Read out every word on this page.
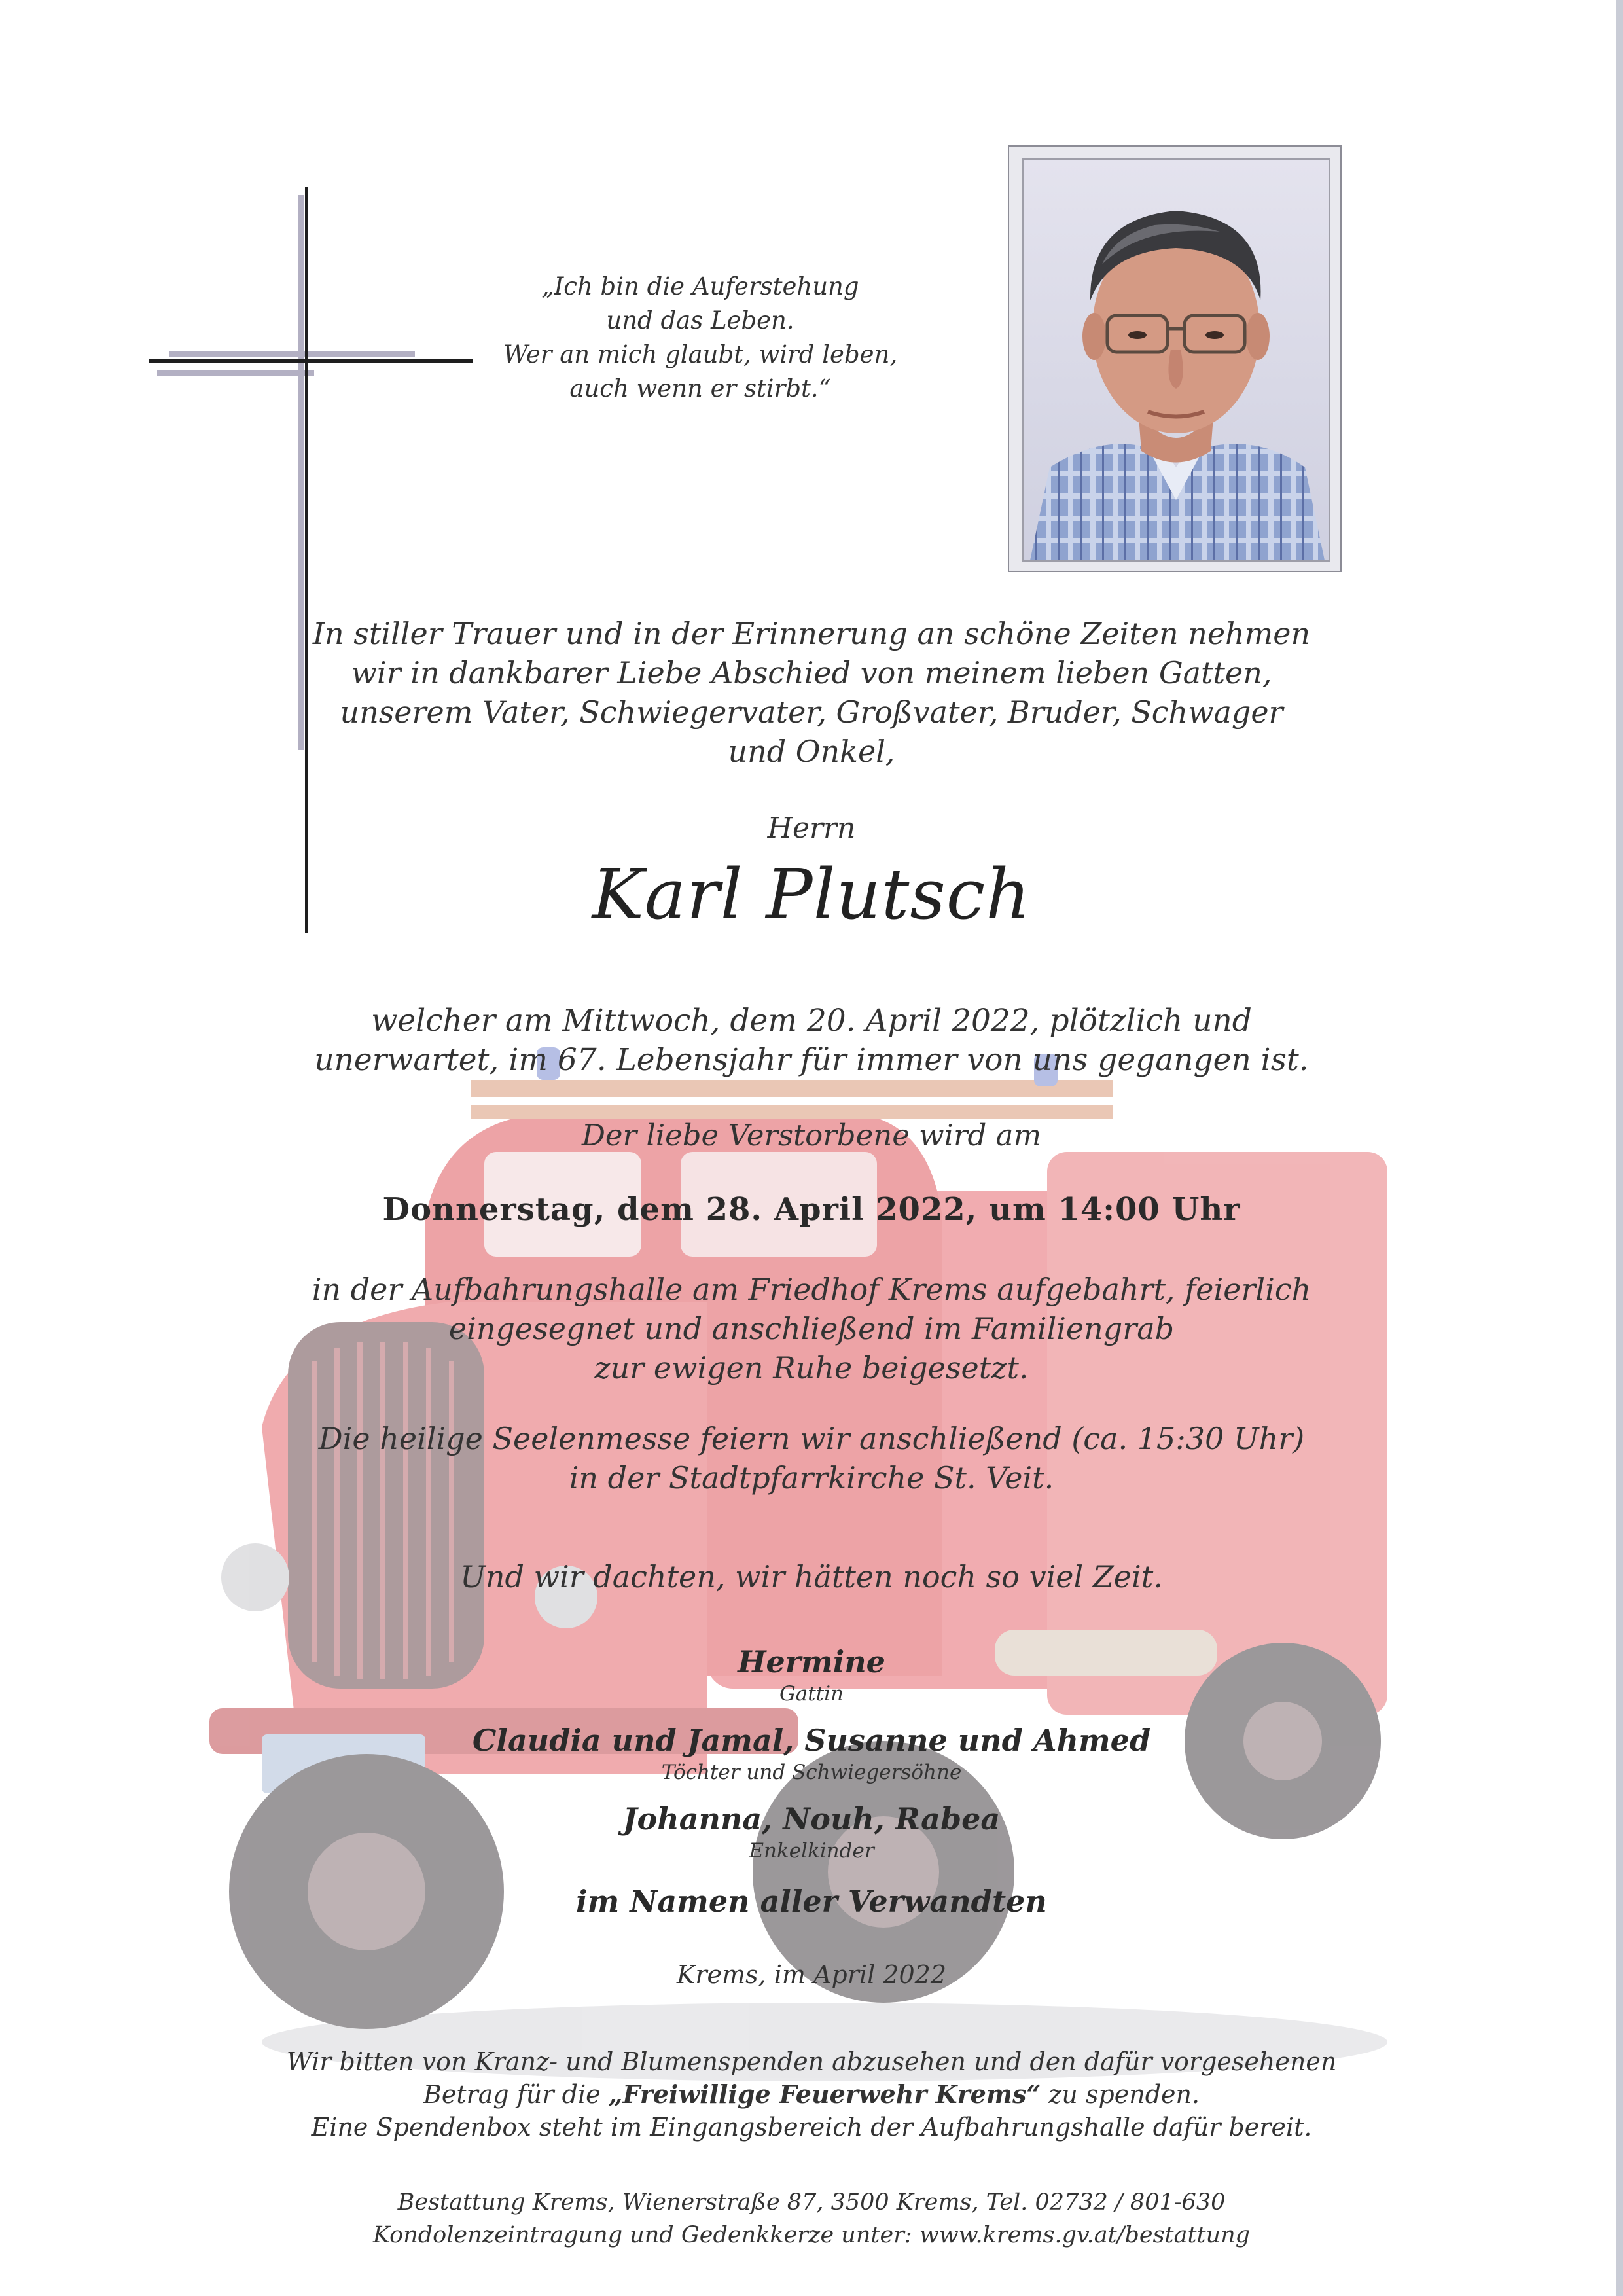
„Ich bin die Auferstehung
und das Leben.
Wer an mich glaubt, wird leben,
auch wenn er stirbt.“

In stiller Trauer und in der Erinnerung an schöne Zeiten nehmen

wir in dankbarer Liebe Abschied von meinem lieben Gatten,

unserem Vater, Schwiegervater, Großvater, Bruder, Schwager

und Onkel,

Herrn
Karl Plutsch
welcher am Mittwoch, dem 20. April 2022, plötzlich und
unerwartet, im 67. Lebensjahr für immer von uns gegangen ist.
Der liebe Verstorbene wird am
Donnerstag, dem 28. April 2022, um 14:00 Uhr
in der Aufbahrungshalle am Friedhof Krems aufgebahrt, feierlich
eingesegnet und anschließend im Familiengrab
zur ewigen Ruhe beigesetzt.
Die heilige Seelenmesse feiern wir anschließend (ca. 15:30 Uhr)
in der Stadtpfarrkirche St. Veit.
Und wir dachten, wir hätten noch so viel Zeit.
Hermine
Gattin
Claudia und Jamal, Susanne und Ahmed
Töchter und Schwiegersöhne
Johanna, Nouh, Rabea
Enkelkinder
im Namen aller Verwandten
Krems, im April 2022
Wir bitten von Kranz- und Blumenspenden abzusehen und den dafür vorgesehenen
Betrag für die „Freiwillige Feuerwehr Krems“ zu spenden.
Eine Spendenbox steht im Eingangsbereich der Aufbahrungshalle dafür bereit.
Bestattung Krems, Wienerstraße 87, 3500 Krems, Tel. 02732 / 801-630
Kondolenzeintragung und Gedenkkerze unter: www.krems.gv.at/bestattung
